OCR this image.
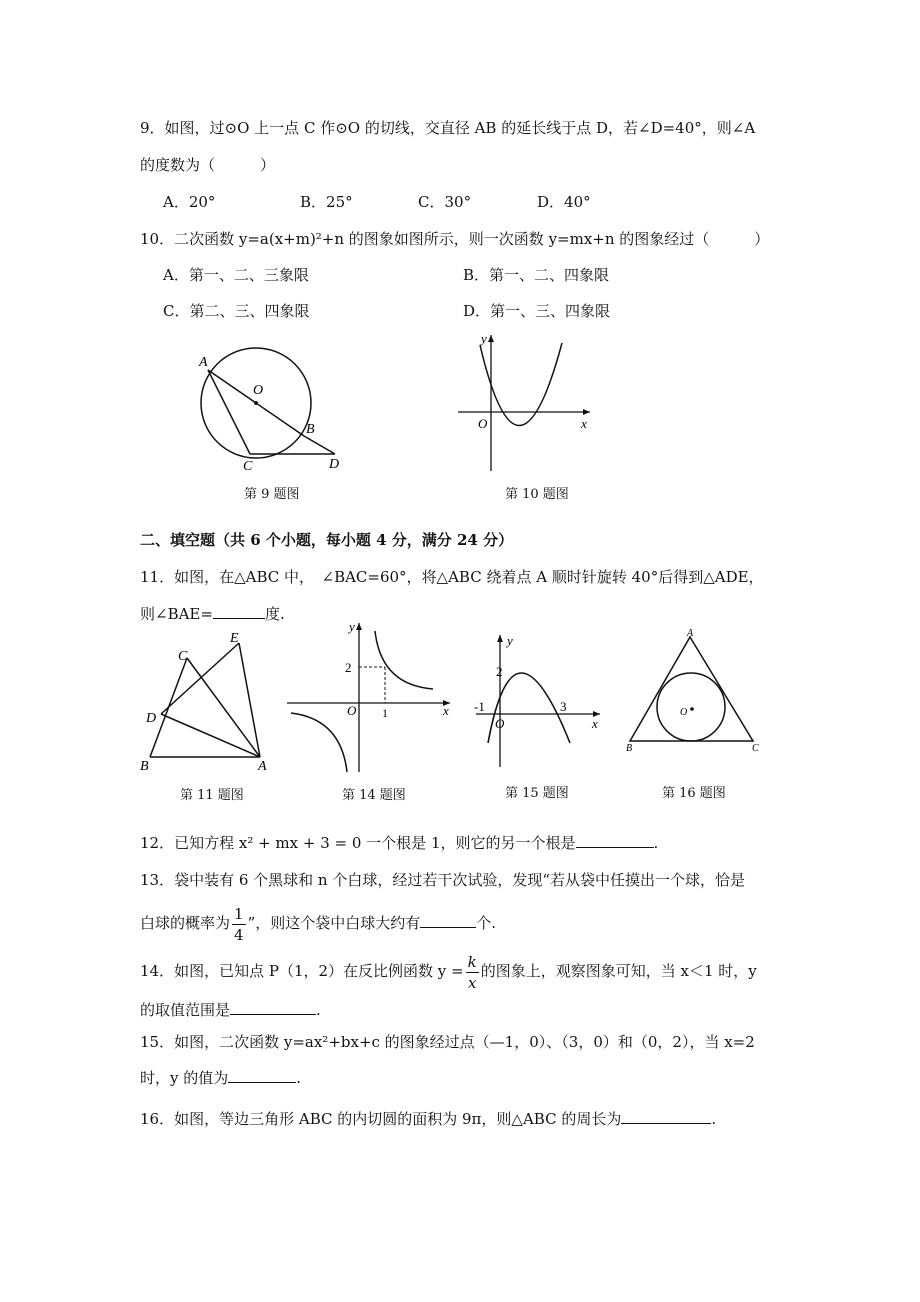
9．如图，过⊙O 上一点 C 作⊙O 的切线，交直径 AB 的延长线于点 D，若∠D=40°，则∠A
的度数为（　　　）
A．20°	B．25°	C．30°	D．40°
10．二次函数 y=a(x+m)²+n 的图象如图所示，则一次函数 y=mx+n 的图象经过（　　　）
A．第一、二、三象限	B．第一、二、四象限
C．第二、三、四象限	D．第一、三、四象限
A
O
B
C	D
第 9 题图
y
O	x
第 10 题图
二、填空题（共 6 个小题，每小题 4 分，满分 24 分）
11．如图，在△ABC 中，　∠BAC=60°，将△ABC 绕着点 A 顺时针旋转 40°后得到△ADE，
则∠BAE=	度.
C
E
D
B	A
第 11 题图
y
x
O
2
1
第 14 题图
y
x
O
2
-1	3
第 15 题图
A
B	C
O
第 16 题图
12．已知方程 x² + mx + 3 = 0 一个根是 1，则它的另一个根是	.
13．袋中装有 6 个黑球和 n 个白球，经过若干次试验，发现“若从袋中任摸出一个球，恰是
白球的概率为 $\frac{1}{4}$ ”，则这个袋中白球大约有	个.
14．如图，已知点 P（1，2）在反比例函数 $y = \frac{k}{x}$ 的图象上，观察图象可知，当 x＜1 时，y
的取值范围是	.
15．如图，二次函数 y=ax²+bx+c 的图象经过点（—1，0）、（3，0）和（0，2），当 x=2
时，y 的值为	.
16．如图，等边三角形 ABC 的内切圆的面积为 9π，则△ABC 的周长为	.
